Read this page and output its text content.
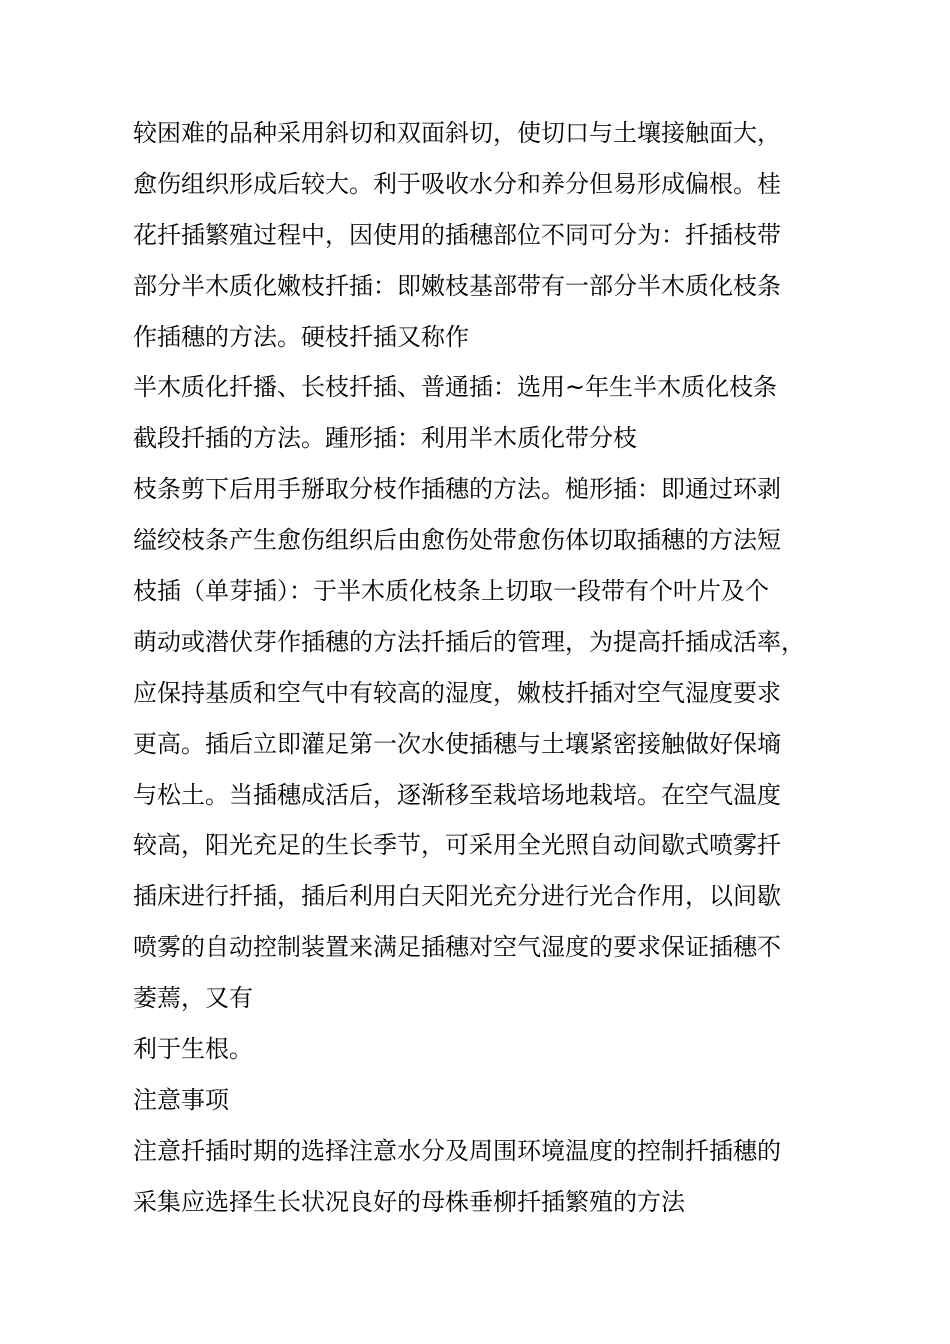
较困难的品种采用斜切和双面斜切，使切口与土壤接触面大，
愈伤组织形成后较大。利于吸收水分和养分但易形成偏根。桂
花扦插繁殖过程中，因使用的插穗部位不同可分为：扦插枝带
部分半木质化嫩枝扦插：即嫩枝基部带有一部分半木质化枝条
作插穗的方法。硬枝扦插又称作
半木质化扦播、长枝扦插、普通插：选用~年生半木质化枝条
截段扦插的方法。踵形插：利用半木质化带分枝
枝条剪下后用手掰取分枝作插穗的方法。槌形插：即通过环剥
缢绞枝条产生愈伤组织后由愈伤处带愈伤体切取插穗的方法短
枝插（单芽插）：于半木质化枝条上切取一段带有个叶片及个
萌动或潜伏芽作插穗的方法扦插后的管理，为提高扦插成活率，
应保持基质和空气中有较高的湿度，嫩枝扦插对空气湿度要求
更高。插后立即灌足第一次水使插穗与土壤紧密接触做好保墒
与松土。当插穗成活后，逐渐移至栽培场地栽培。在空气温度
较高，阳光充足的生长季节，可采用全光照自动间歇式喷雾扦
插床进行扦插，插后利用白天阳光充分进行光合作用，以间歇
喷雾的自动控制装置来满足插穗对空气湿度的要求保证插穗不
萎蔫，又有
利于生根。
注意事项
注意扦插时期的选择注意水分及周围环境温度的控制扦插穗的
采集应选择生长状况良好的母株垂柳扦插繁殖的方法
